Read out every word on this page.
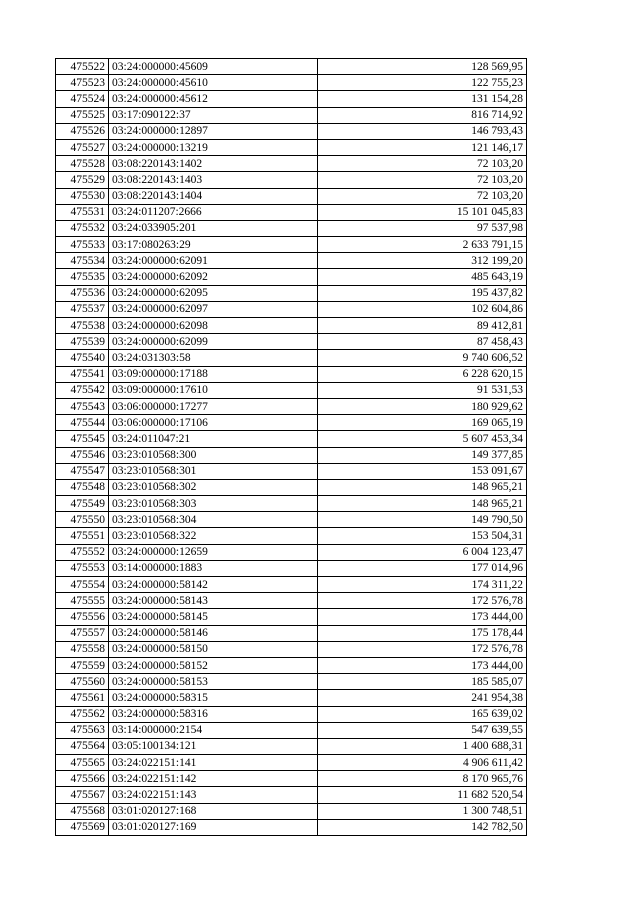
475522	03:24:000000:45609	128 569,95
475523	03:24:000000:45610	122 755,23
475524	03:24:000000:45612	131 154,28
475525	03:17:090122:37	816 714,92
475526	03:24:000000:12897	146 793,43
475527	03:24:000000:13219	121 146,17
475528	03:08:220143:1402	72 103,20
475529	03:08:220143:1403	72 103,20
475530	03:08:220143:1404	72 103,20
475531	03:24:011207:2666	15 101 045,83
475532	03:24:033905:201	97 537,98
475533	03:17:080263:29	2 633 791,15
475534	03:24:000000:62091	312 199,20
475535	03:24:000000:62092	485 643,19
475536	03:24:000000:62095	195 437,82
475537	03:24:000000:62097	102 604,86
475538	03:24:000000:62098	89 412,81
475539	03:24:000000:62099	87 458,43
475540	03:24:031303:58	9 740 606,52
475541	03:09:000000:17188	6 228 620,15
475542	03:09:000000:17610	91 531,53
475543	03:06:000000:17277	180 929,62
475544	03:06:000000:17106	169 065,19
475545	03:24:011047:21	5 607 453,34
475546	03:23:010568:300	149 377,85
475547	03:23:010568:301	153 091,67
475548	03:23:010568:302	148 965,21
475549	03:23:010568:303	148 965,21
475550	03:23:010568:304	149 790,50
475551	03:23:010568:322	153 504,31
475552	03:24:000000:12659	6 004 123,47
475553	03:14:000000:1883	177 014,96
475554	03:24:000000:58142	174 311,22
475555	03:24:000000:58143	172 576,78
475556	03:24:000000:58145	173 444,00
475557	03:24:000000:58146	175 178,44
475558	03:24:000000:58150	172 576,78
475559	03:24:000000:58152	173 444,00
475560	03:24:000000:58153	185 585,07
475561	03:24:000000:58315	241 954,38
475562	03:24:000000:58316	165 639,02
475563	03:14:000000:2154	547 639,55
475564	03:05:100134:121	1 400 688,31
475565	03:24:022151:141	4 906 611,42
475566	03:24:022151:142	8 170 965,76
475567	03:24:022151:143	11 682 520,54
475568	03:01:020127:168	1 300 748,51
475569	03:01:020127:169	142 782,50
